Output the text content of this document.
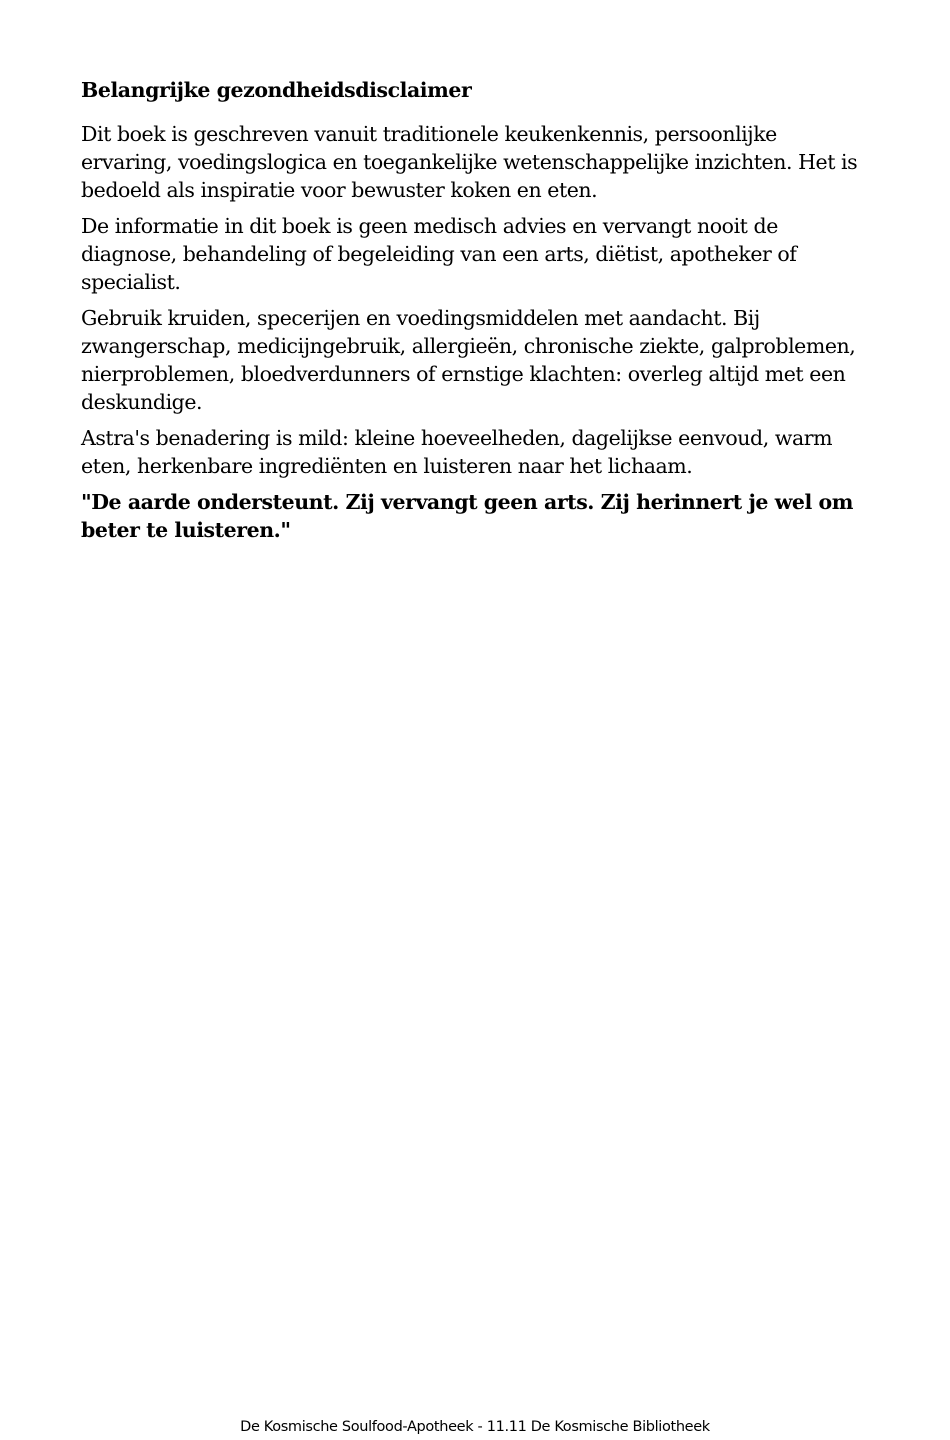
Belangrijke gezondheidsdisclaimer

Dit boek is geschreven vanuit traditionele keukenkennis, persoonlijke ervaring, voedingslogica en toegankelijke wetenschappelijke inzichten. Het is bedoeld als inspiratie voor bewuster koken en eten.

De informatie in dit boek is geen medisch advies en vervangt nooit de diagnose, behandeling of begeleiding van een arts, diëtist, apotheker of specialist.

Gebruik kruiden, specerijen en voedingsmiddelen met aandacht. Bij zwangerschap, medicijngebruik, allergieën, chronische ziekte, galproblemen, nierproblemen, bloedverdunners of ernstige klachten: overleg altijd met een deskundige.

Astra's benadering is mild: kleine hoeveelheden, dagelijkse eenvoud, warm eten, herkenbare ingrediënten en luisteren naar het lichaam.

"De aarde ondersteunt. Zij vervangt geen arts. Zij herinnert je wel om beter te luisteren."

De Kosmische Soulfood-Apotheek - 11.11 De Kosmische Bibliotheek
